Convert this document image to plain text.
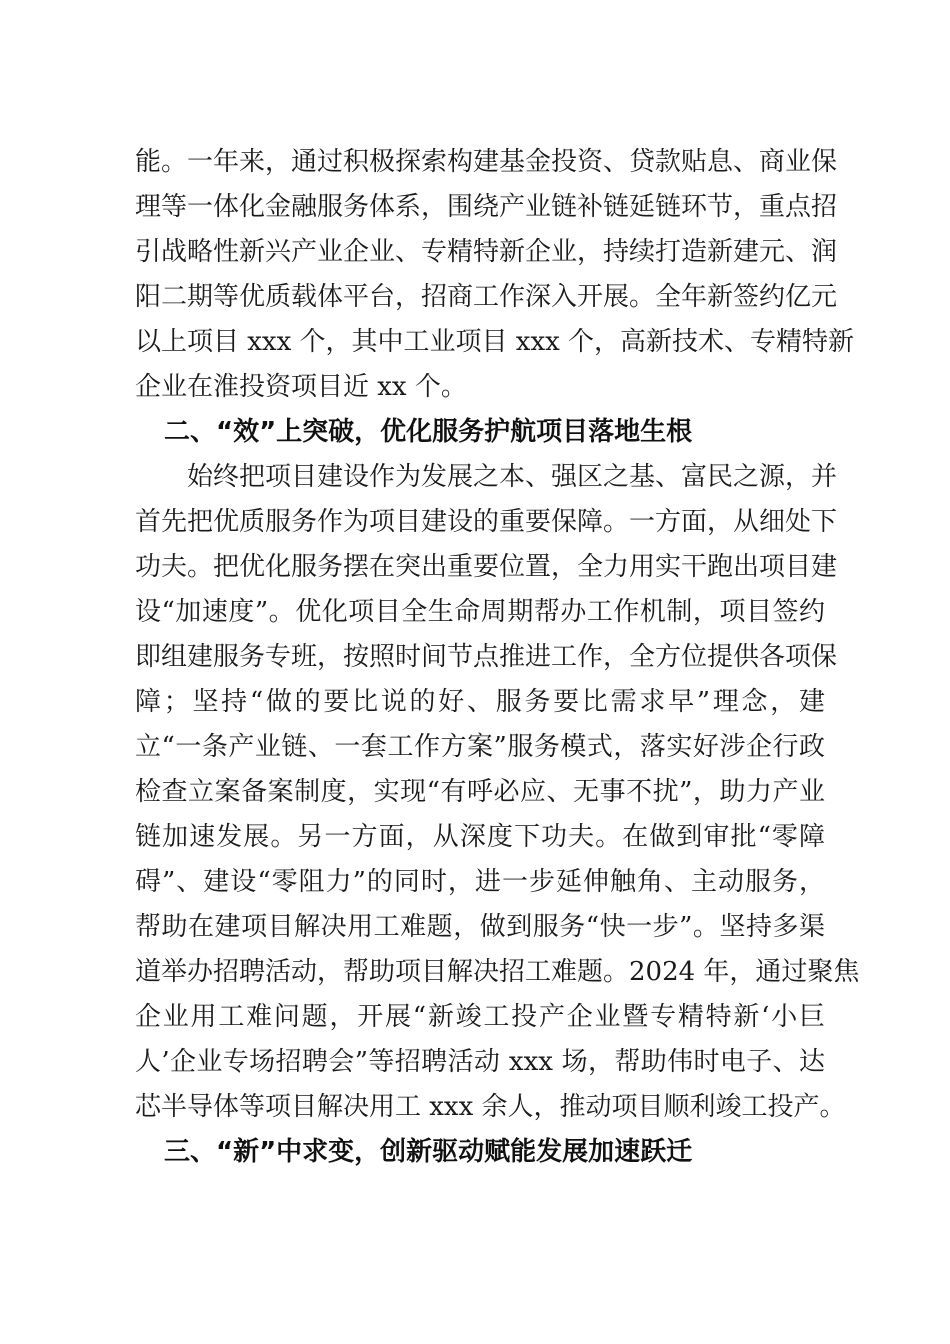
能。一年来，通过积极探索构建基金投资、贷款贴息、商业保
理等一体化金融服务体系，围绕产业链补链延链环节，重点招
引战略性新兴产业企业、专精特新企业，持续打造新建元、润
阳二期等优质载体平台，招商工作深入开展。全年新签约亿元
以上项目 xxx 个，其中工业项目 xxx 个，高新技术、专精特新
企业在淮投资项目近 xx 个。
二、“效”上突破，优化服务护航项目落地生根
始终把项目建设作为发展之本、强区之基、富民之源，并
首先把优质服务作为项目建设的重要保障。一方面，从细处下
功夫。把优化服务摆在突出重要位置，全力用实干跑出项目建
设“加速度”。优化项目全生命周期帮办工作机制，项目签约
即组建服务专班，按照时间节点推进工作，全方位提供各项保
障；坚持“做的要比说的好、服务要比需求早”理念，建
立“一条产业链、一套工作方案”服务模式，落实好涉企行政
检查立案备案制度，实现“有呼必应、无事不扰”，助力产业
链加速发展。另一方面，从深度下功夫。在做到审批“零障
碍”、建设“零阻力”的同时，进一步延伸触角、主动服务，
帮助在建项目解决用工难题，做到服务“快一步”。坚持多渠
道举办招聘活动，帮助项目解决招工难题。2024 年，通过聚焦
企业用工难问题，开展“新竣工投产企业暨专精特新‘小巨
人’企业专场招聘会”等招聘活动 xxx 场，帮助伟时电子、达
芯半导体等项目解决用工 xxx 余人，推动项目顺利竣工投产。
三、“新”中求变，创新驱动赋能发展加速跃迁
